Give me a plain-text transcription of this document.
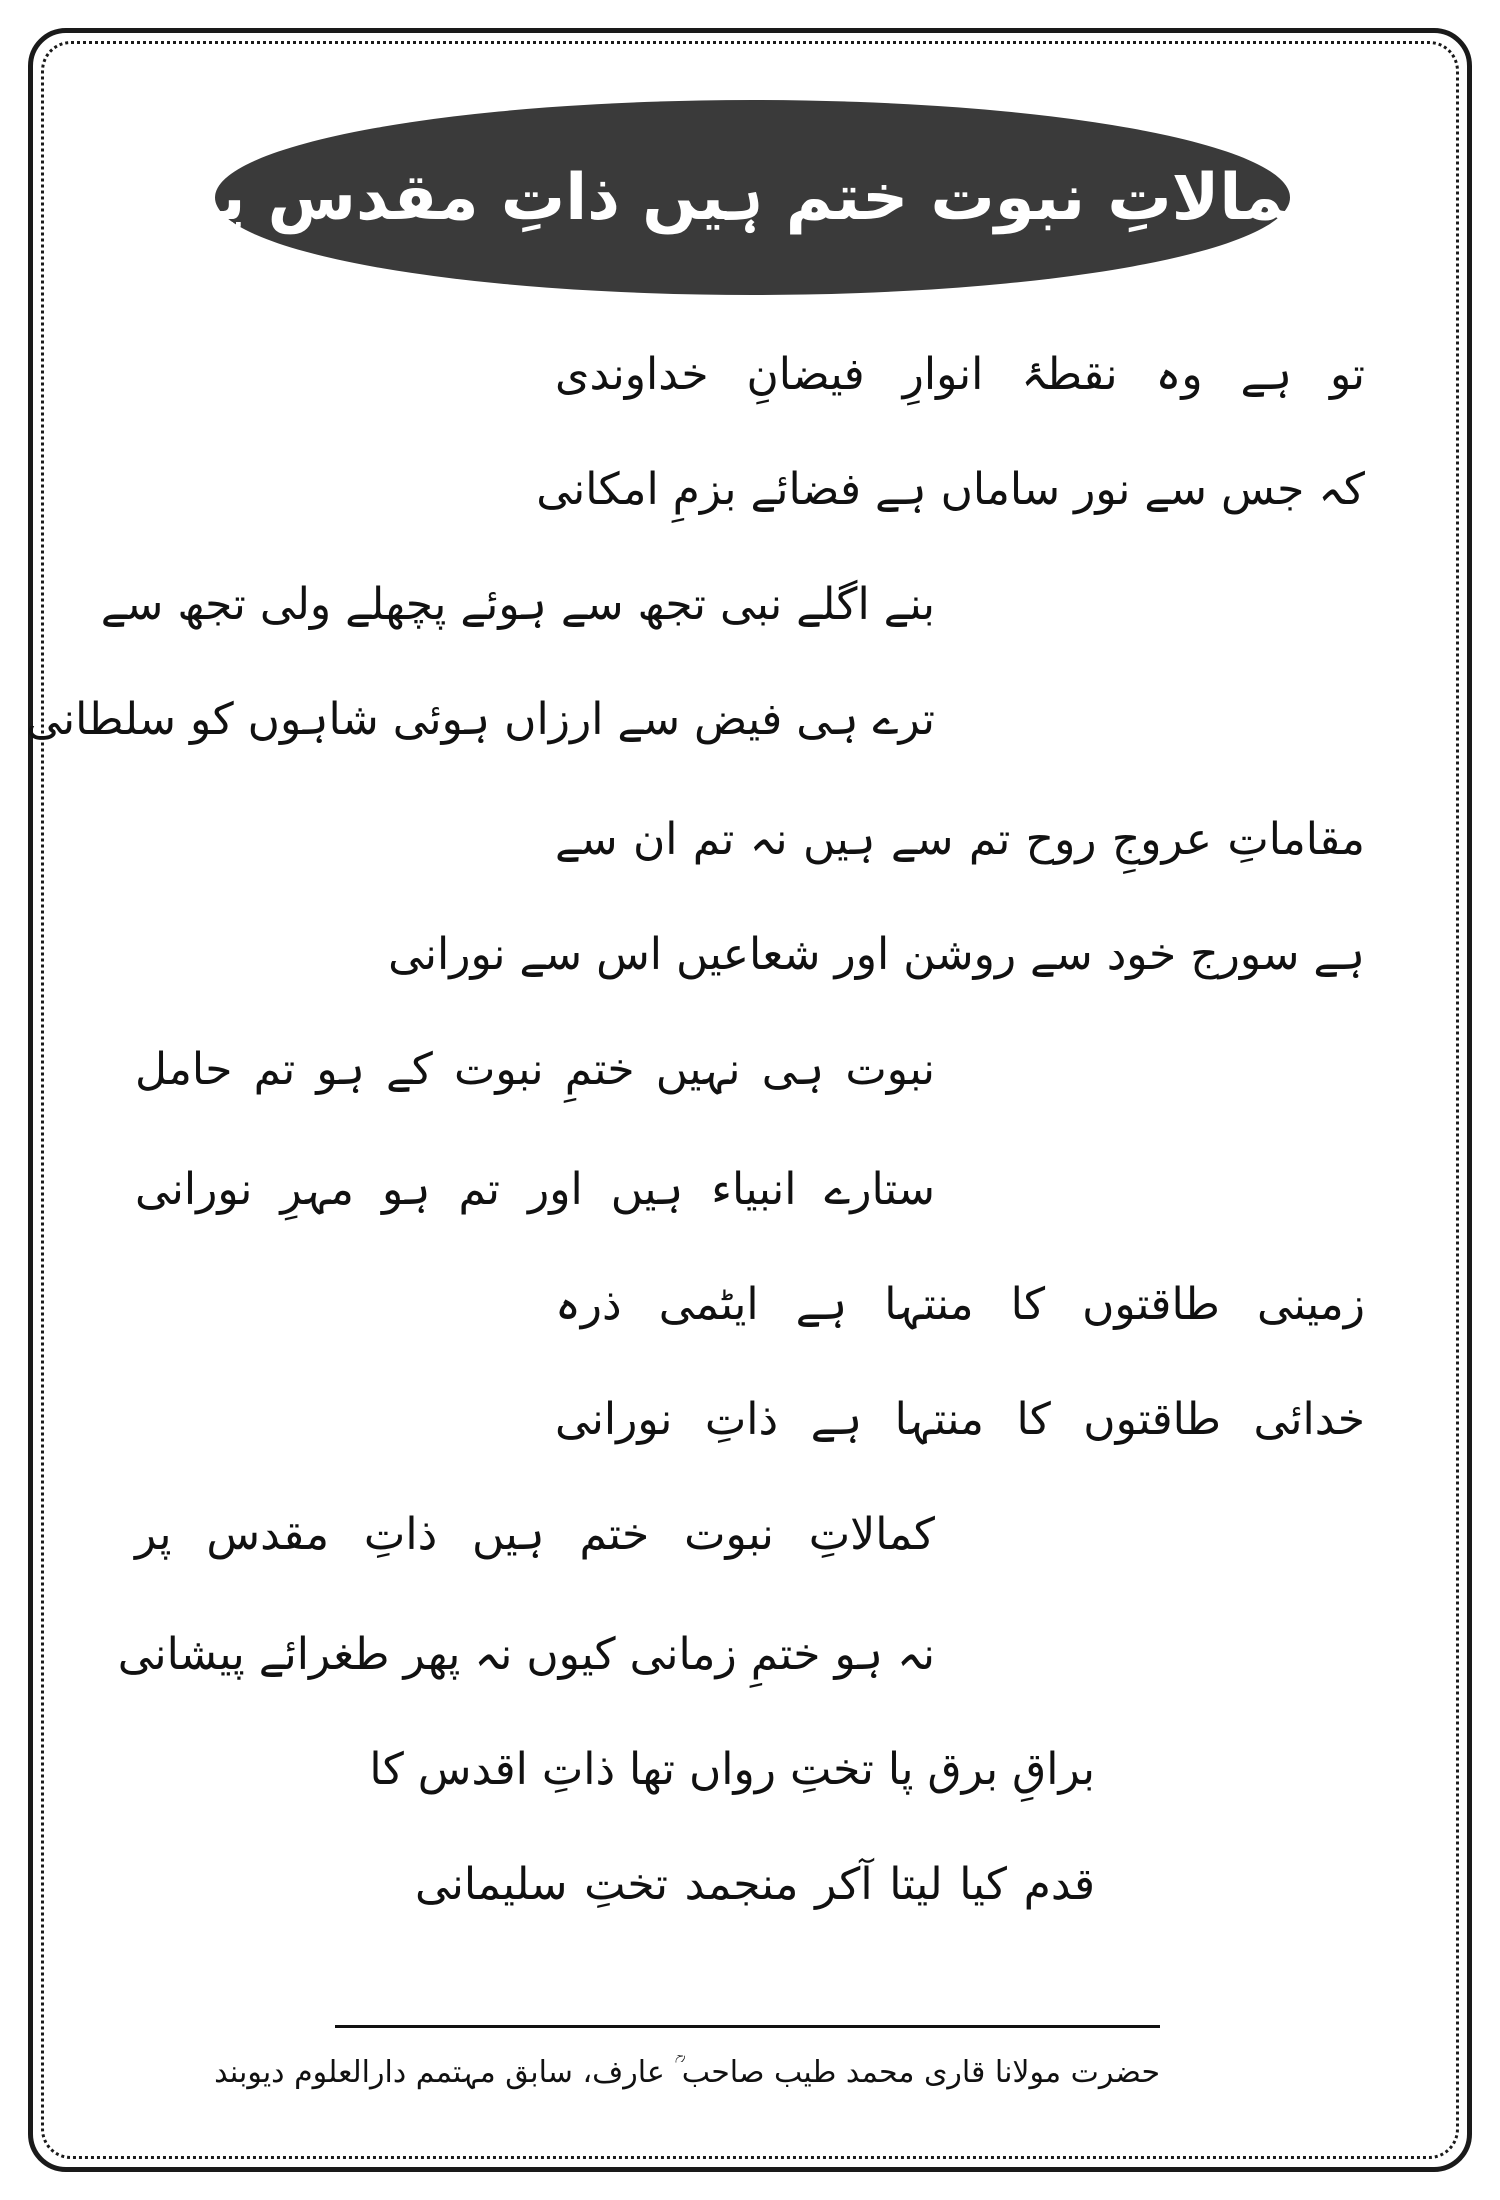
کمالاتِ نبوت ختم ہیں ذاتِ مقدس پر
تو ہے وہ نقطۂ انوارِ فیضانِ خداوندی
کہ جس سے نور ساماں ہے فضائے بزمِ امکانی
بنے اگلے نبی تجھ سے ہوئے پچھلے ولی تجھ سے
ترے ہی فیض سے ارزاں ہوئی شاہوں کو سلطانی
مقاماتِ عروجِ روح تم سے ہیں نہ تم ان سے
ہے سورج خود سے روشن اور شعاعیں اس سے نورانی
نبوت ہی نہیں ختمِ نبوت کے ہو تم حامل
ستارے انبیاء ہیں اور تم ہو مہرِ نورانی
زمینی طاقتوں کا منتہا ہے ایٹمی ذرہ
خدائی طاقتوں کا منتہا ہے ذاتِ نورانی
کمالاتِ نبوت ختم ہیں ذاتِ مقدس پر
نہ ہو ختمِ زمانی کیوں نہ پھر طغرائے پیشانی
براقِ برق پا تختِ رواں تھا ذاتِ اقدس کا
قدم کیا لیتا آکر منجمد تختِ سلیمانی
حضرت مولانا قاری محمد طیب صاحب ؒ عارف، سابق مہتمم دارالعلوم دیوبند
